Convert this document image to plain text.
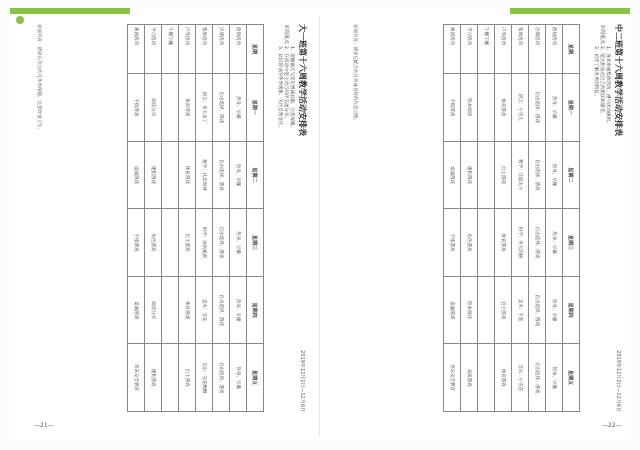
大一班第十六周教学活动安排表
2019年12月2日—12月6日
本周重点
1、能根据天气变化增减衣服，注意保暖。
2、在活动中能主动与同伴交流分享。
3、认识常见的冬季现象，关注自然变化。
星期	星期一	星期二	星期三	星期四	星期五
晨间活动	热身、早操	热身、早操	热身、早操	热身、早操	热身、早操
区域活动	自由选择、游戏	自由选择、游戏	自由选择、游戏	自由选择、游戏	自由选择、游戏
集体活动	语言：冬天来了	数学：认识时钟	科学：冰的秘密	美术：雪花	音乐：雪花飘飘
户外活动	体育游戏	体育游戏	自主游戏	体育游戏	自主游戏
午餐午睡					
学习活动	阅读分享	建构游戏	角色游戏	阅读分享	建构游戏
离园活动	手指游戏	桌面游戏	手指游戏	桌面游戏	周末安全教育
家园共育：请家长关注幼儿冬季保暖，注意饮食卫生。	中二班第十六周教学活动安排表
2019年12月2日—12月6日
本周重点
1、喜欢参加集体活动，遵守活动规则。
2、能大胆表达自己的想法和感受。
3、初步了解冬季的特征。
星期	星期一	星期二	星期三	星期四	星期五
晨间活动	热身、早操	热身、早操	热身、早操	热身、早操	热身、早操
区域活动	自由选择、游戏	自由选择、游戏	自由选择、游戏	自由选择、游戏	自由选择、游戏
集体活动	语言：小雪人	数学：比较大小	科学：冬天的树	美术：手套	音乐：小雪花
户外活动	体育游戏	自主游戏	体育游戏	自主游戏	体育游戏
午餐午睡					
学习活动	绘本阅读	建构游戏	角色游戏	绘本阅读	表演游戏
离园活动	手指游戏	桌面游戏	手指游戏	桌面游戏	周末安全教育
家园共育：请家长配合幼儿养成良好的作息习惯。
—21—	—22—
